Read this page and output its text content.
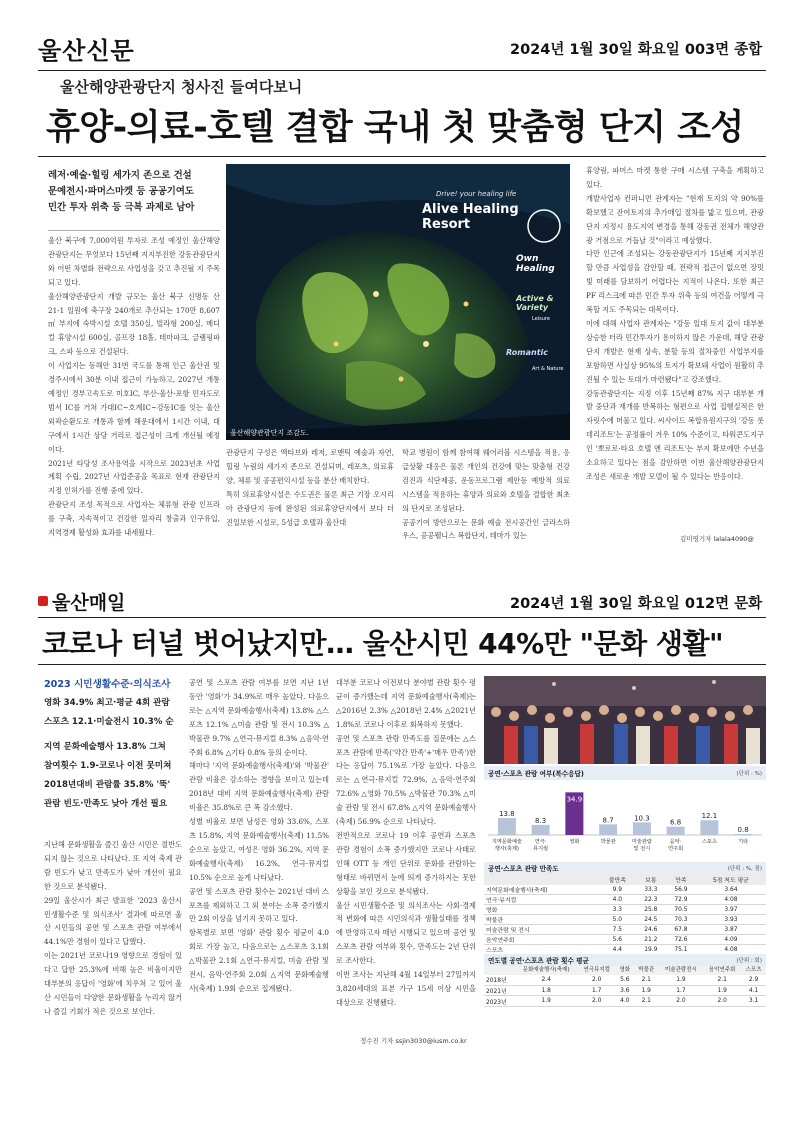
울산신문	2024년 1월 30일 화요일 003면 종합
울산해양관광단지 청사진 들여다보니
휴양-의료-호텔 결합 국내 첫 맞춤형 단지 조성

레저·예술·힐링 세가지 존으로 건설

문예전시·파머스마켓 등 공공기여도

민간 투자 위축 등 극복 과제로 남아

울산 북구에 7,000억원 투자로 조성 예정인 울산해양관광단지는 무엇보다 15년째 지지부진한 강동관광단지와 어떤 차별화 전략으로 사업성을 갖고 추진될 지 주목되고 있다.

울산해양관광단지 개발 규모는 울산 북구 신명동 산 21-1 일원에 축구장 240개로 추산되는 170만 8,607㎡ 부지에 숙박시설 호텔 350실, 빌라형 200실, 메디컬 휴양시설 600실, 골프장 18홀, 테마파크, 글램핑파크, 스파 등으로 건설된다.

이 사업지는 동해안 31번 국도를 통해 인근 울산권 및 경주시에서 30분 이내 접근이 가능하고, 2027년 개통 예정인 경부고속도로 미호IC, 부산-울산-포항 민자도로 범서 IC를 거쳐 가대IC~호계IC~강동IC를 잇는 울산외곽순환도로 개통과 함께 해운대에서 1시간 이내, 대구에서 1시간 상당 거리로 접근성이 크게 개선될 예정이다.

2021년 타당성 조사용역을 시작으로 2023년초 사업계획 수립, 2027년 사업준공을 목표로 현재 관광단지 지정 인허가를 진행 중에 있다.

관광단지 조성 목적으로 사업자는 체류형 관광 인프라를 구축, 지속적이고 건강한 일자리 창출과 인구유입, 지역경제 활성화 효과를 내세웠다.

Drive! your healing life
Alive Healing Resort
Own Healing
Active & Variety
Leisure
Romantic
Art & Nature
울산해양관광단지 조감도.

관광단지 구성은 액티브와 레저, 로맨틱 예술과 자연, 힐링 누림의 세가지 존으로 건설되며, 레포츠, 의료휴양, 체류 및 공공편익시설 등을 분산 배치한다.

특히 의료휴양시설은 수도권은 물론 최근 기장 오시리아 관광단지 등에 완성된 의료휴양단지에서 보다 더 진일보한 시설로, 5성급 호텔과 울산대

학교 병원이 함께 참여해 웨어러블 시스템을 적용, 응급상황 대응은 물론 개인의 건강에 맞는 맞춤형 건강검진과 식단제공, 운동프로그램 제안등 예방적 의료 시스템을 적용하는 휴양과 의료와 호텔을 결합한 최초의 단지로 조성된다.

공공기여 방안으로는 문화 예술 전시공간인 글라스하우스, 공공웰니스 복합단지, 테마가 있는

휴양림, 파머스 마켓 통한 구매 시스템 구축을 계획하고 있다.

개발사업자 컨퍼니먼 관계자는 "현재 토지의 약 90%를 확보했고 잔여토지의 추가매입 절차를 밟고 있으며, 관광단지 지정시 용도지역 변경을 통해 강동권 전체가 해양관광 거점으로 거듭날 것"이라고 예상했다.

다만 인근에 조성되는 강동관광단지가 15년째 지지부진할 만큼 사업성을 감안할 때, 전략적 접근이 없으면 장밋빛 미래를 담보하기 어렵다는 지적이 나온다. 또한 최근 PF 리스크에 따른 민간 투자 위축 등의 여건을 어떻게 극복할 지도 주목되는 대목이다.

이에 대해 사업자 관계자는 "강동 일대 토지 값이 대부분 상승한 터라 민간투자가 용이하지 않은 가운데, 해당 관광단지 개발은 현재 상속, 분할 등의 절차중인 사업부지를 포함하면 사실상 95%의 토지가 확보돼 사업이 원활히 추진될 수 있는 토대가 마련됐다"고 강조했다.

강동관광단지는 지정 이후 15년째 87% 지구 대부분 개발 중단과 재개를 반복하는 형편으로 사업 집행실적은 한자릿수에 머물고 있다. 씨사이드 복합유원지구의 '강동 롯데리조트'는 공정률이 겨우 10% 수준이고, 타워콘도지구인 '뽀로로·타요 호텔 앤 리조트'는 부지 확보에만 수년을 소요하고 있다는 점을 감안하면 이번 울산해양관광단지 조성은 새로운 개발 모델이 될 수 있다는 반응이다.

김미영기자 lalala4090@
울산매일	2024년 1월 30일 화요일 012면 문화
코로나 터널 벗어났지만… 울산시민 44%만 "문화 생활"
2023 시민생활수준·의식조사

영화 34.9% 최고·평균 4회 관람

스포츠 12.1·미술전시 10.3% 순

지역 문화예술행사 13.8% 그쳐

참여횟수 1.9-코로나 이전 못미쳐

2018년대비 관람률 35.8% '뚝'

관람 빈도·만족도 낮아 개선 필요

지난해 문화생활을 즐긴 울산 시민은 절반도 되지 않는 것으로 나타났다. 또 지역 축제 관람 빈도가 낮고 만족도가 낮아 개선이 필요한 것으로 분석됐다.

29일 울산시가 최근 발표한 '2023 울산시민생활수준 및 의식조사' 결과에 따르면 울산 시민들의 공연 및 스포츠 관람 여부에서 44.1%만 경험이 있다고 답했다.

이는 2021년 코로나19 영향으로 경험이 있다고 답한 25.3%에 비해 높은 비율이지만 대부분의 응답이 '영화'에 치우쳐 고 있어 울산 시민들이 다양한 문화생활을 누리지 않거나 즐길 기회가 적은 것으로 보인다.

공연 및 스포츠 관람 여부를 보면 지난 1년 동안 '영화'가 34.9%로 매우 높았다. 다음으로는 △지역 문화예술행사(축제) 13.8% △스포츠 12.1% △미술 관람 및 전시 10.3% △박물관 9.7% △연극·뮤지컬 8.3% △음악·연주회 6.8% △기타 0.8% 등의 순이다.

해마다 '지역 문화예술행사(축제)'와 '박물관' 관람 비율은 감소하는 경향을 보이고 있는데 2018년 대비 지역 문화예술행사(축제) 관람 비율은 35.8%로 큰 폭 감소했다.

성별 비율로 보면 남성은 영화 33.6%, 스포츠 15.8%, 지역 문화예술행사(축제) 11.5% 순으로 높았고, 여성은 영화 36.2%, 지역 문화예술행사(축제) 16.2%, 연극·뮤지컬 10.5% 순으로 높게 나타났다.

공연 및 스포츠 관람 횟수는 2021년 대비 스포츠를 제외하고 그 외 분야는 소폭 증가했지만 2회 이상을 넘기지 못하고 있다.

항목별로 보면 '영화' 관람 횟수 평균이 4.0회로 가장 높고, 다음으로는 △스포츠 3.1회 △박물관 2.1회 △연극·뮤지컬, 미술 관람 및 전시, 음악·연주회 2.0회 △지역 문화예술행사(축제) 1.9회 순으로 집계됐다.

대부분 코로나 이전보다 분야별 관람 횟수 평균이 증가했는데 지역 문화예술행사(축제)는 △2016년 2.3% △2018년 2.4% △2021년 1.8%로 코로나 이후로 회복하지 못했다.

공연 및 스포츠 관람 만족도를 질문에는 △스포츠 관람에 만족('약간 만족'+'매우 만족')한다는 응답이 75.1%로 가장 높았다. 다음으로는 △연극·뮤지컬 72.9%, △음악·연주회 72.6% △영화 70.5% △박물관 70.3% △미술 관람 및 전시 67.8% △지역 문화예술행사(축제) 56.9% 순으로 나타났다.

전반적으로 코로나 19 이후 공연과 스포츠 관람 경험이 소폭 증가했지만 코로나 사태로 인해 OTT 등 개인 단위로 문화를 관람하는 형태로 바뀌면서 눈에 띄게 증가하지는 못한 상황을 보인 것으로 분석됐다.

울산 시민생활수준 및 의식조사는 사회·경제적 변화에 따른 시민의식과 생활실태를 정책에 반영하고자 매년 시행되고 있으며 공연 및 스포츠 관람 여부와 횟수, 만족도는 2년 단위로 조사한다.

이번 조사는 지난해 4월 14일부터 27일까지 3,820세대의 표본 가구 15세 이상 시민을 대상으로 진행됐다.

정수진 기자 ssjin3030@iusm.co.kr
공연·스포츠 관람 여부(복수응답)	(단위 : %)
13.8
지역문화예술
행사(축제)
8.3
연극·
뮤지컬
34.9
영화
8.7
박물관
10.3
미술관람
및 전시
6.8
음악·
연주회
12.1
스포츠
0.8
기타
공연·스포츠 관람 만족도	(단위 : %, 점)
	불만족	보통	만족	5점 척도 평균
지역문화예술행사(축제)	9.9	33.3	56.9	3.64
연극·뮤지컬	4.0	22.3	72.9	4.08
영화	3.3	25.8	70.5	3.97
박물관	5.0	24.5	70.3	3.93
미술관람 및 전시	7.5	24.6	67.8	3.87
음악연주회	5.6	21.2	72.6	4.09
스포츠	4.4	19.9	75.1	4.08
연도별 공연·스포츠 관람 횟수 평균	(단위 : 회)
	문화예술행사(축제)	연극뮤지컬	영화	박물관	미술관람전시	음악연주회	스포츠
2018년	2.4	2.0	5.6	2.1	1.9	2.1	2.9
2021년	1.8	1.7	3.6	1.9	1.7	1.9	4.1
2023년	1.9	2.0	4.0	2.1	2.0	2.0	3.1
